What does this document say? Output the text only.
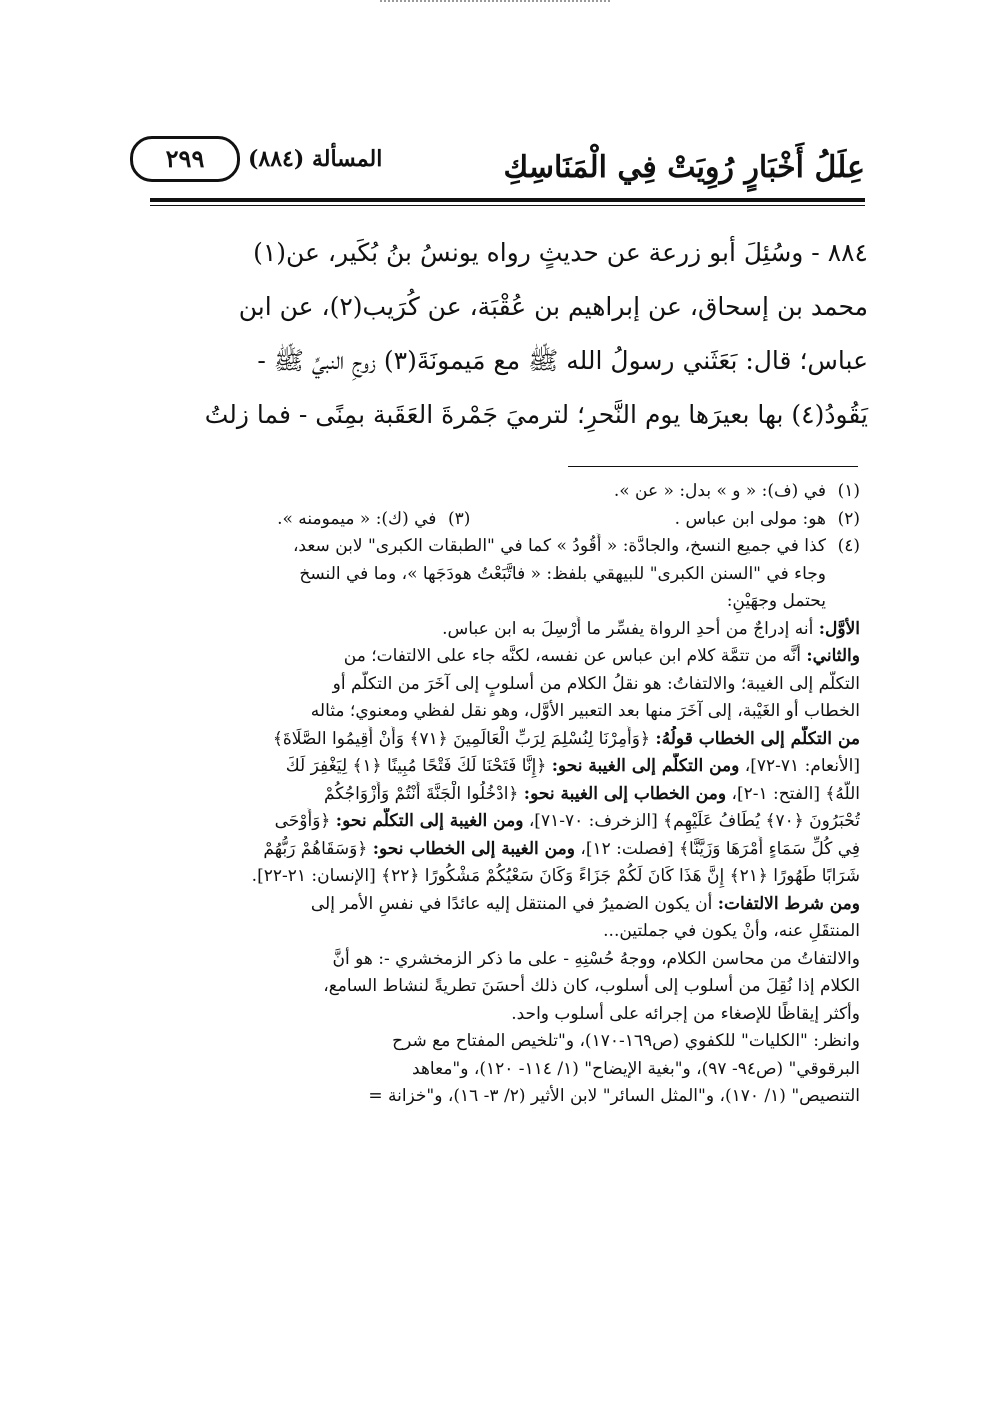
عِلَلُ أَخْبَارٍ رُوِيَتْ فِي الْمَنَاسِكِ
المسألة (٨٨٤)
٢٩٩

٨٨٤ - وسُئِلَ أبو زرعة عن حديثٍ رواه يونسُ بنُ بُكَير، عن(١)

محمد بن إسحاق، عن إبراهيم بن عُقْبَة، عن كُرَيب(٢)، عن ابن

عباس؛ قال: بَعَثَني رسولُ الله ﷺ مع مَيمونَةَ(٣) زوجِ النبيِّ ﷺ -

يَقُودُ(٤) بها بعيرَها يوم النَّحرِ؛ لترميَ جَمْرةَ العَقَبة بمِنًى - فما زلتُ

(١)في (ف): « و » بدل: « عن ».
(٢)هو: مولى ابن عباس .
(٣)في (ك): « ميمومنه ».

(٤)كذا في جميع النسخ، والجادَّة: « أَقُودُ » كما في "الطبقات الكبرى" لابن سعد،

وجاء في "السنن الكبرى" للبيهقي بلفظ: « فاتَّبَعْتُ هودَجَها »، وما في النسخ

يحتمل وجهَيْنِ:

الأوَّل: أنه إدراجٌ من أحدِ الرواة يفسِّر ما أُرْسِلَ به ابن عباس.

والثاني: أنَّه من تتمَّة كلام ابن عباس عن نفسه، لكنَّه جاء على الالتفات؛ من

التكلُّم إلى الغيبة؛ والالتفاتُ: هو نقلُ الكلام من أسلوبٍ إلى آخَرَ من التكلُّم أو

الخطاب أو الغَيْبة، إلى آخَرَ منها بعد التعبير الأوَّل، وهو نقل لفظي ومعنوي؛ مثاله

من التكلُّم إلى الخطاب قولُهُ: ﴿وَأُمِرْنَا لِنُسْلِمَ لِرَبِّ الْعَالَمِينَ ﴿٧١﴾ وَأَنْ أَقِيمُوا الصَّلَاةَ﴾

[الأنعام: ٧١-٧٢]، ومن التكلُّم إلى الغيبة نحو: ﴿إِنَّا فَتَحْنَا لَكَ فَتْحًا مُبِينًا ﴿١﴾ لِيَغْفِرَ لَكَ

اللَّهُ﴾ [الفتح: ١-٢]، ومن الخطاب إلى الغيبة نحو: ﴿ادْخُلُوا الْجَنَّةَ أَنْتُمْ وَأَزْوَاجُكُمْ

تُحْبَرُونَ ﴿٧٠﴾ يُطَافُ عَلَيْهِم﴾ [الزخرف: ٧٠-٧١]، ومن الغيبة إلى التكلُّم نحو: ﴿وَأَوْحَى

فِي كُلِّ سَمَاءٍ أَمْرَهَا وَزَيَّنَّا﴾ [فصلت: ١٢]، ومن الغيبة إلى الخطاب نحو: ﴿وَسَقَاهُمْ رَبُّهُمْ

شَرَابًا طَهُورًا ﴿٢١﴾ إِنَّ هَذَا كَانَ لَكُمْ جَزَاءً وَكَانَ سَعْيُكُمْ مَشْكُورًا ﴿٢٢﴾ [الإنسان: ٢١-٢٢].

ومن شرط الالتفات: أن يكون الضميرُ في المنتقل إليه عائدًا في نفسِ الأمر إلى

المنتقَلِ عنه، وأنْ يكون في جملتين...

والالتفاتُ من محاسن الكلام، ووجهُ حُسْنِهِ - على ما ذكر الزمخشري -: هو أنَّ

الكلام إذا نُقِلَ من أسلوب إلى أسلوب، كان ذلك أحسَنَ تطريةً لنشاط السامع،

وأكثر إيقاظًا للإصغاء من إجرائه على أسلوب واحد.

وانظر: "الكليات" للكفوي (ص١٦٩-١٧٠)، و"تلخيص المفتاح مع شرح

البرقوقي" (ص٩٤- ٩٧)، و"بغية الإيضاح" (١/ ١١٤- ١٢٠)، و"معاهد

التنصيص" (١/ ١٧٠)، و"المثل السائر" لابن الأثير (٢/ ٣- ١٦)، و"خزانة =
